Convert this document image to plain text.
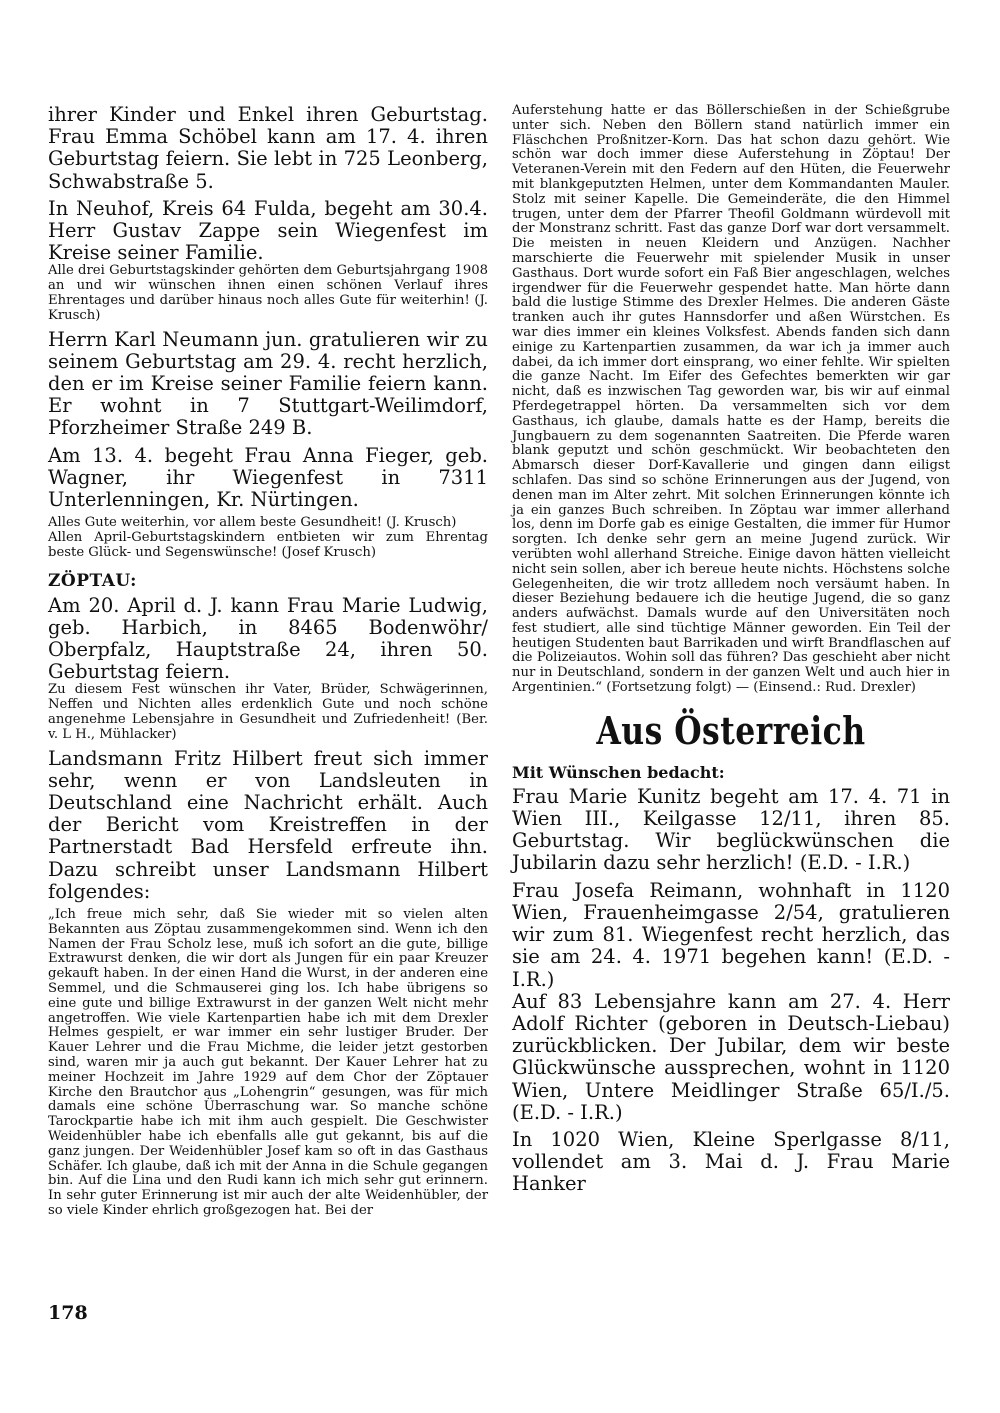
ihrer Kinder und Enkel ihren Geburtstag. Frau Emma Schöbel kann am 17. 4. ihren Geburtstag feiern. Sie lebt in 725 Leonberg, Schwabstraße 5.

In Neuhof, Kreis 64 Fulda, begeht am 30.4. Herr Gustav Zappe sein Wiegenfest im Kreise seiner Familie.

Alle drei Geburtstagskinder gehörten dem Geburtsjahrgang 1908 an und wir wünschen ihnen einen schönen Verlauf ihres Ehrentages und darüber hinaus noch alles Gute für weiterhin! (J. Krusch)

Herrn Karl Neumann jun. gratulieren wir zu seinem Geburtstag am 29. 4. recht herzlich, den er im Kreise seiner Familie feiern kann. Er wohnt in 7 Stuttgart-Weilimdorf, Pforzheimer Straße 249 B.

Am 13. 4. begeht Frau Anna Fieger, geb. Wagner, ihr Wiegenfest in 7311 Unterlenningen, Kr. Nürtingen.

Alles Gute weiterhin, vor allem beste Gesundheit! (J. Krusch)

Allen April-Geburtstagskindern entbieten wir zum Ehrentag beste Glück- und Segenswünsche! (Josef Krusch)

ZÖPTAU:

Am 20. April d. J. kann Frau Marie Ludwig, geb. Harbich, in 8465 Bodenwöhr/ Oberpfalz, Hauptstraße 24, ihren 50. Geburtstag feiern.

Zu diesem Fest wünschen ihr Vater, Brüder, Schwägerinnen, Neffen und Nichten alles erdenklich Gute und noch schöne angenehme Lebensjahre in Gesundheit und Zufriedenheit! (Ber. v. L H., Mühlacker)

Landsmann Fritz Hilbert freut sich immer sehr, wenn er von Landsleuten in Deutschland eine Nachricht erhält. Auch der Bericht vom Kreistreffen in der Partnerstadt Bad Hersfeld erfreute ihn. Dazu schreibt unser Landsmann Hilbert folgendes:

„Ich freue mich sehr, daß Sie wieder mit so vielen alten Bekannten aus Zöptau zusammengekommen sind. Wenn ich den Namen der Frau Scholz lese, muß ich sofort an die gute, billige Extrawurst denken, die wir dort als Jungen für ein paar Kreuzer gekauft haben. In der einen Hand die Wurst, in der anderen eine Semmel, und die Schmauserei ging los. Ich habe übrigens so eine gute und billige Extrawurst in der ganzen Welt nicht mehr angetroffen. Wie viele Kartenpartien habe ich mit dem Drexler Helmes gespielt, er war immer ein sehr lustiger Bruder. Der Kauer Lehrer und die Frau Michme, die leider jetzt gestorben sind, waren mir ja auch gut bekannt. Der Kauer Lehrer hat zu meiner Hochzeit im Jahre 1929 auf dem Chor der Zöptauer Kirche den Brautchor aus „Lohengrin“ gesungen, was für mich damals eine schöne Überraschung war. So manche schöne Tarockpartie habe ich mit ihm auch gespielt. Die Geschwister Weidenhübler habe ich ebenfalls alle gut gekannt, bis auf die ganz jungen. Der Weidenhübler Josef kam so oft in das Gasthaus Schäfer. Ich glaube, daß ich mit der Anna in die Schule gegangen bin. Auf die Lina und den Rudi kann ich mich sehr gut erinnern. In sehr guter Erinnerung ist mir auch der alte Weidenhübler, der so viele Kinder ehrlich großgezogen hat. Bei der

Auferstehung hatte er das Böllerschießen in der Schießgrube unter sich. Neben den Böllern stand natürlich immer ein Fläschchen Proßnitzer-Korn. Das hat schon dazu gehört. Wie schön war doch immer diese Auferstehung in Zöptau! Der Veteranen-Verein mit den Federn auf den Hüten, die Feuerwehr mit blankgeputzten Helmen, unter dem Kommandanten Mauler. Stolz mit seiner Kapelle. Die Gemeinderäte, die den Himmel trugen, unter dem der Pfarrer Theofil Goldmann würdevoll mit der Monstranz schritt. Fast das ganze Dorf war dort versammelt. Die meisten in neuen Kleidern und Anzügen. Nachher marschierte die Feuerwehr mit spielender Musik in unser Gasthaus. Dort wurde sofort ein Faß Bier angeschlagen, welches irgendwer für die Feuerwehr gespendet hatte. Man hörte dann bald die lustige Stimme des Drexler Helmes. Die anderen Gäste tranken auch ihr gutes Hannsdorfer und aßen Würstchen. Es war dies immer ein kleines Volksfest. Abends fanden sich dann einige zu Kartenpartien zusammen, da war ich ja immer auch dabei, da ich immer dort einsprang, wo einer fehlte. Wir spielten die ganze Nacht. Im Eifer des Gefechtes bemerkten wir gar nicht, daß es inzwischen Tag geworden war, bis wir auf einmal Pferdegetrappel hörten. Da versammelten sich vor dem Gasthaus, ich glaube, damals hatte es der Hamp, bereits die Jungbauern zu dem sogenannten Saatreiten. Die Pferde waren blank geputzt und schön geschmückt. Wir beobachteten den Abmarsch dieser Dorf-Kavallerie und gingen dann eiligst schlafen. Das sind so schöne Erinnerungen aus der Jugend, von denen man im Alter zehrt. Mit solchen Erinnerungen könnte ich ja ein ganzes Buch schreiben. In Zöptau war immer allerhand los, denn im Dorfe gab es einige Gestalten, die immer für Humor sorgten. Ich denke sehr gern an meine Jugend zurück. Wir verübten wohl allerhand Streiche. Einige davon hätten vielleicht nicht sein sollen, aber ich bereue heute nichts. Höchstens solche Gelegenheiten, die wir trotz allledem noch versäumt haben. In dieser Beziehung bedauere ich die heutige Jugend, die so ganz anders aufwächst. Damals wurde auf den Universitäten noch fest studiert, alle sind tüchtige Männer geworden. Ein Teil der heutigen Studenten baut Barrikaden und wirft Brandflaschen auf die Polizeiautos. Wohin soll das führen? Das geschieht aber nicht nur in Deutschland, sondern in der ganzen Welt und auch hier in Argentinien.“ (Fortsetzung folgt) — (Einsend.: Rud. Drexler)

Aus Österreich
Mit Wünschen bedacht:

Frau Marie Kunitz begeht am 17. 4. 71 in Wien III., Keilgasse 12/11, ihren 85. Geburtstag. Wir beglückwünschen die Jubilarin dazu sehr herzlich! (E.D. - I.R.)

Frau Josefa Reimann, wohnhaft in 1120 Wien, Frauenheimgasse 2/54, gratulieren wir zum 81. Wiegenfest recht herzlich, das sie am 24. 4. 1971 begehen kann! (E.D. - I.R.)

Auf 83 Lebensjahre kann am 27. 4. Herr Adolf Richter (geboren in Deutsch-Liebau) zurückblicken. Der Jubilar, dem wir beste Glückwünsche aussprechen, wohnt in 1120 Wien, Untere Meidlinger Straße 65/I./5. (E.D. - I.R.)

In 1020 Wien, Kleine Sperlgasse 8/11, vollendet am 3. Mai d. J. Frau Marie Hanker

178
